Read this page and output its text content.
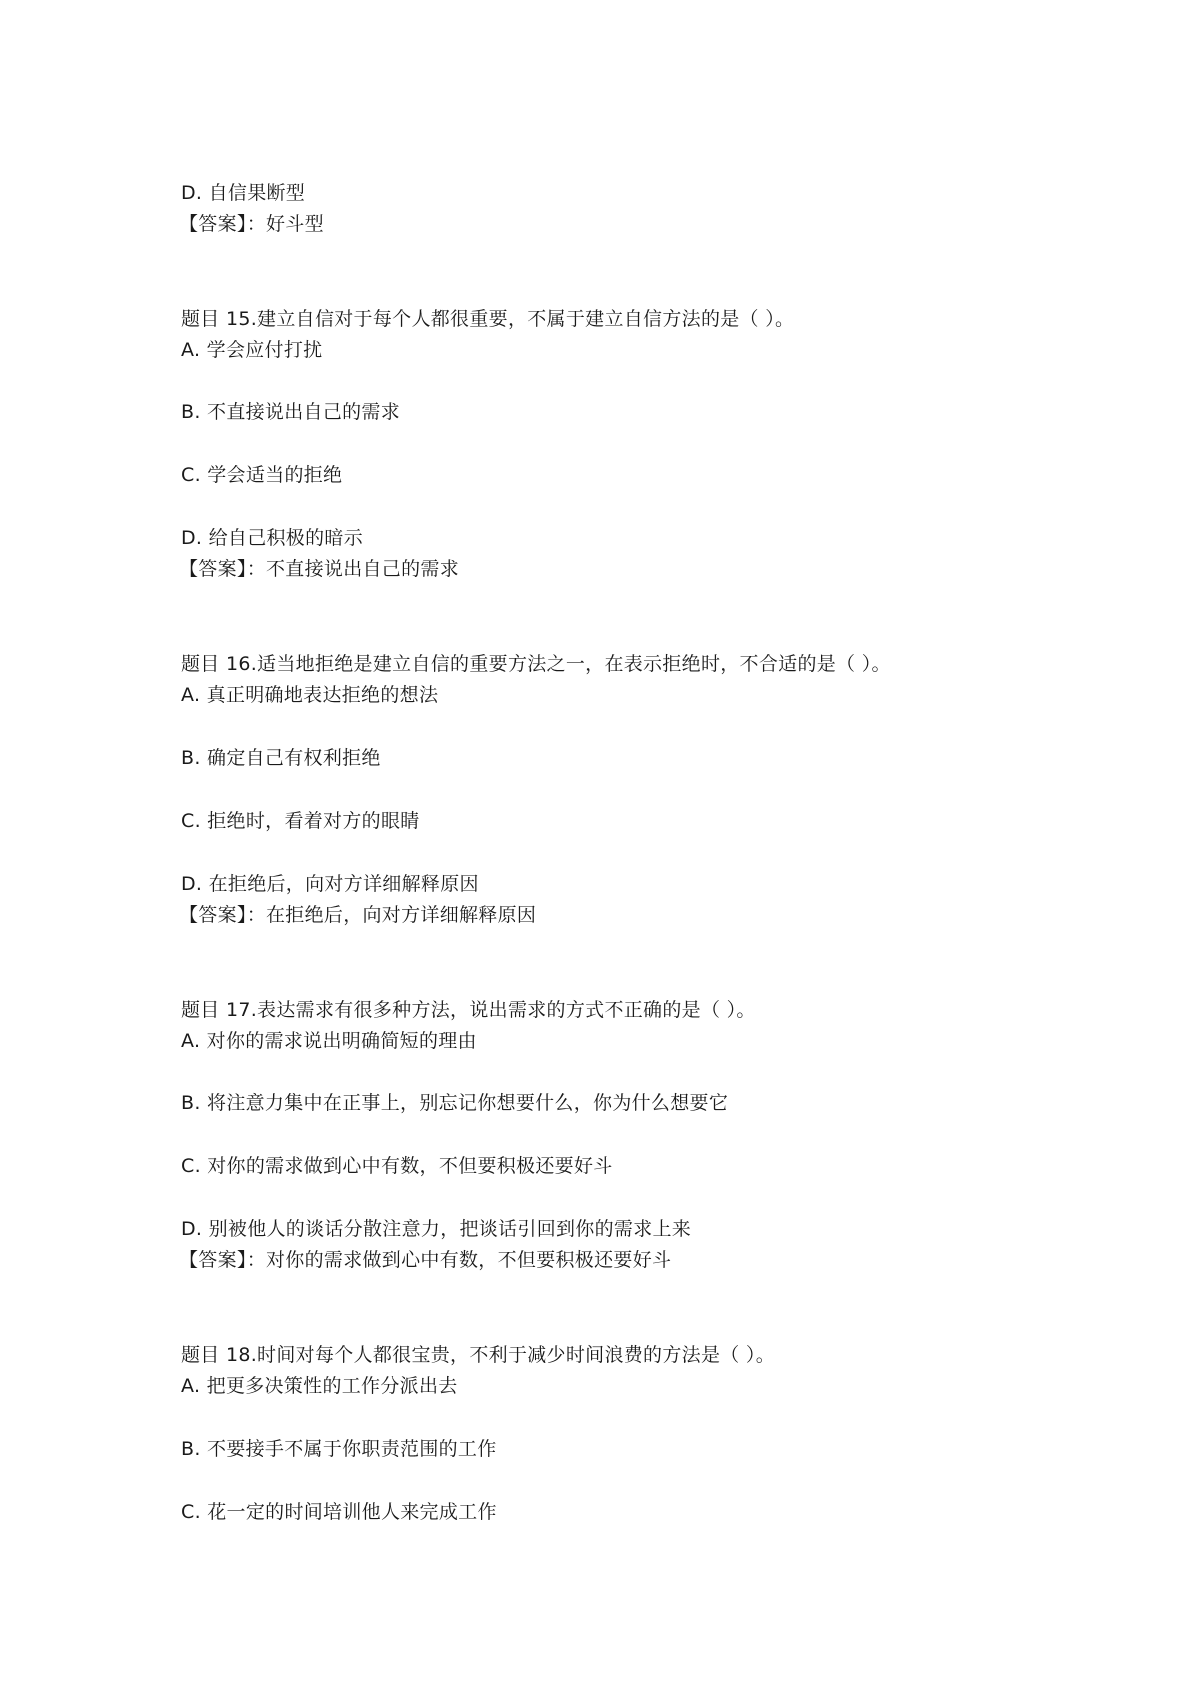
D. 自信果断型
【答案】：好斗型
题目 15.建立自信对于每个人都很重要，不属于建立自信方法的是（ ）。
A. 学会应付打扰
B. 不直接说出自己的需求
C. 学会适当的拒绝
D. 给自己积极的暗示
【答案】：不直接说出自己的需求
题目 16.适当地拒绝是建立自信的重要方法之一，在表示拒绝时，不合适的是（ ）。
A. 真正明确地表达拒绝的想法
B. 确定自己有权利拒绝
C. 拒绝时，看着对方的眼睛
D. 在拒绝后，向对方详细解释原因
【答案】：在拒绝后，向对方详细解释原因
题目 17.表达需求有很多种方法，说出需求的方式不正确的是（ ）。
A. 对你的需求说出明确简短的理由
B. 将注意力集中在正事上，别忘记你想要什么，你为什么想要它
C. 对你的需求做到心中有数，不但要积极还要好斗
D. 别被他人的谈话分散注意力，把谈话引回到你的需求上来
【答案】：对你的需求做到心中有数，不但要积极还要好斗
题目 18.时间对每个人都很宝贵，不利于减少时间浪费的方法是（ ）。
A. 把更多决策性的工作分派出去
B. 不要接手不属于你职责范围的工作
C. 花一定的时间培训他人来完成工作
